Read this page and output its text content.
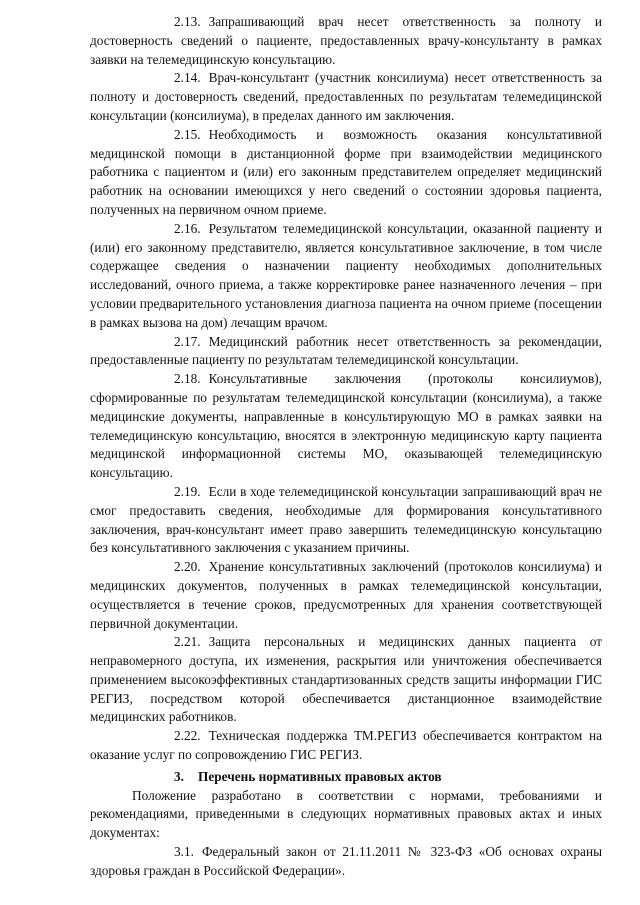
2.13. Запрашивающий врач несет ответственность за полноту и достоверность сведений о пациенте, предоставленных врачу-консультанту в рамках заявки на телемедицинскую консультацию.

2.14. Врач-консультант (участник консилиума) несет ответственность за полноту и достоверность сведений, предоставленных по результатам телемедицинской консультации (консилиума), в пределах данного им заключения.

2.15. Необходимость и возможность оказания консультативной медицинской помощи в дистанционной форме при взаимодействии медицинского работника с пациентом и (или) его законным представителем определяет медицинский работник на основании имеющихся у него сведений о состоянии здоровья пациента, полученных на первичном очном приеме.

2.16. Результатом телемедицинской консультации, оказанной пациенту и (или) его законному представителю, является консультативное заключение, в том числе содержащее сведения о назначении пациенту необходимых дополнительных исследований, очного приема, а также корректировке ранее назначенного лечения – при условии предварительного установления диагноза пациента на очном приеме (посещении в рамках вызова на дом) лечащим врачом.

2.17. Медицинский работник несет ответственность за рекомендации, предоставленные пациенту по результатам телемедицинской консультации.

2.18. Консультативные заключения (протоколы консилиумов), сформированные по результатам телемедицинской консультации (консилиума), а также медицинские документы, направленные в консультирующую МО в рамках заявки на телемедицинскую консультацию, вносятся в электронную медицинскую карту пациента медицинской информационной системы МО, оказывающей телемедицинскую консультацию.

2.19. Если в ходе телемедицинской консультации запрашивающий врач не смог предоставить сведения, необходимые для формирования консультативного заключения, врач-консультант имеет право завершить телемедицинскую консультацию без консультативного заключения с указанием причины.

2.20. Хранение консультативных заключений (протоколов консилиума) и медицинских документов, полученных в рамках телемедицинской консультации, осуществляется в течение сроков, предусмотренных для хранения соответствующей первичной документации.

2.21. Защита персональных и медицинских данных пациента от неправомерного доступа, их изменения, раскрытия или уничтожения обеспечивается применением высокоэффективных стандартизованных средств защиты информации ГИС РЕГИЗ, посредством которой обеспечивается дистанционное взаимодействие медицинских работников.

2.22. Техническая поддержка ТМ.РЕГИЗ обеспечивается контрактом на оказание услуг по сопровождению ГИС РЕГИЗ.

3. Перечень нормативных правовых актов

Положение разработано в соответствии с нормами, требованиями и рекомендациями, приведенными в следующих нормативных правовых актах и иных документах:

3.1. Федеральный закон от 21.11.2011 № 323-ФЗ «Об основах охраны здоровья граждан в Российской Федерации».
